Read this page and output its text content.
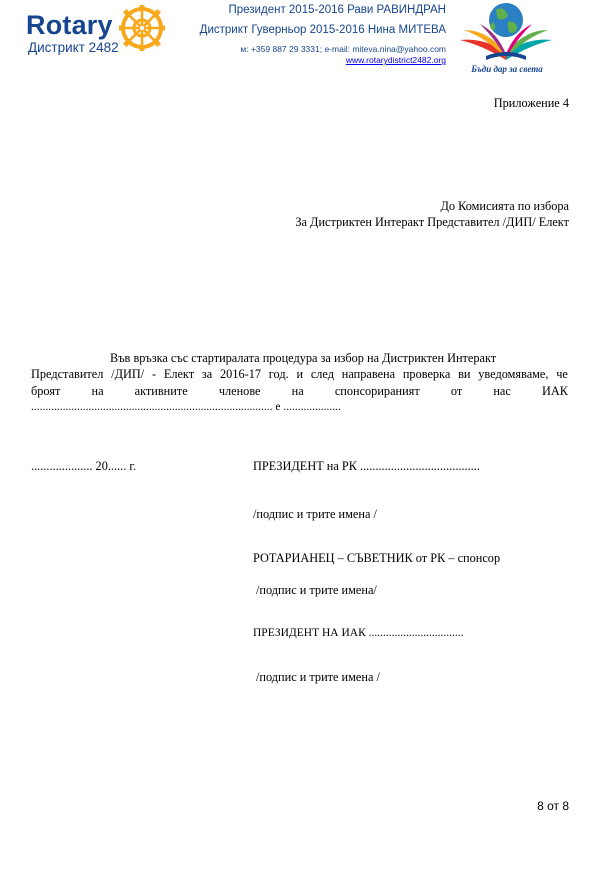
Rotary
Дистрикт 2482
Президент 2015-2016 Рави РАВИНДРАН
Дистрикт Гуверньор 2015-2016 Нина МИТЕВА
м: +359 887 29 3331; e-mail: miteva.nina@yahoo.com
www.rotarydistrict2482.org
Бъди дар за света
Приложение 4
До Комисията по избора
За Дистриктен Интеракт Представител /ДИП/ Елект
Във връзка със стартиралата процедура за избор на Дистриктен Интеракт
Представител /ДИП/ - Елект за 2016-17 год. и след направена проверка ви уведомяваме, че
броят	на	активните	членове	на	спонсорираният	от	нас	ИАК
.................................................................................... е ....................
.................... 20...... г.	ПРЕЗИДЕНТ на РК .......................................
/подпис и трите имена /
РОТАРИАНЕЦ – СЪВЕТНИК от РК – спонсор
/подпис и трите имена/
ПРЕЗИДЕНТ НА ИАК .................................
/подпис и трите имена /
8 от 8
